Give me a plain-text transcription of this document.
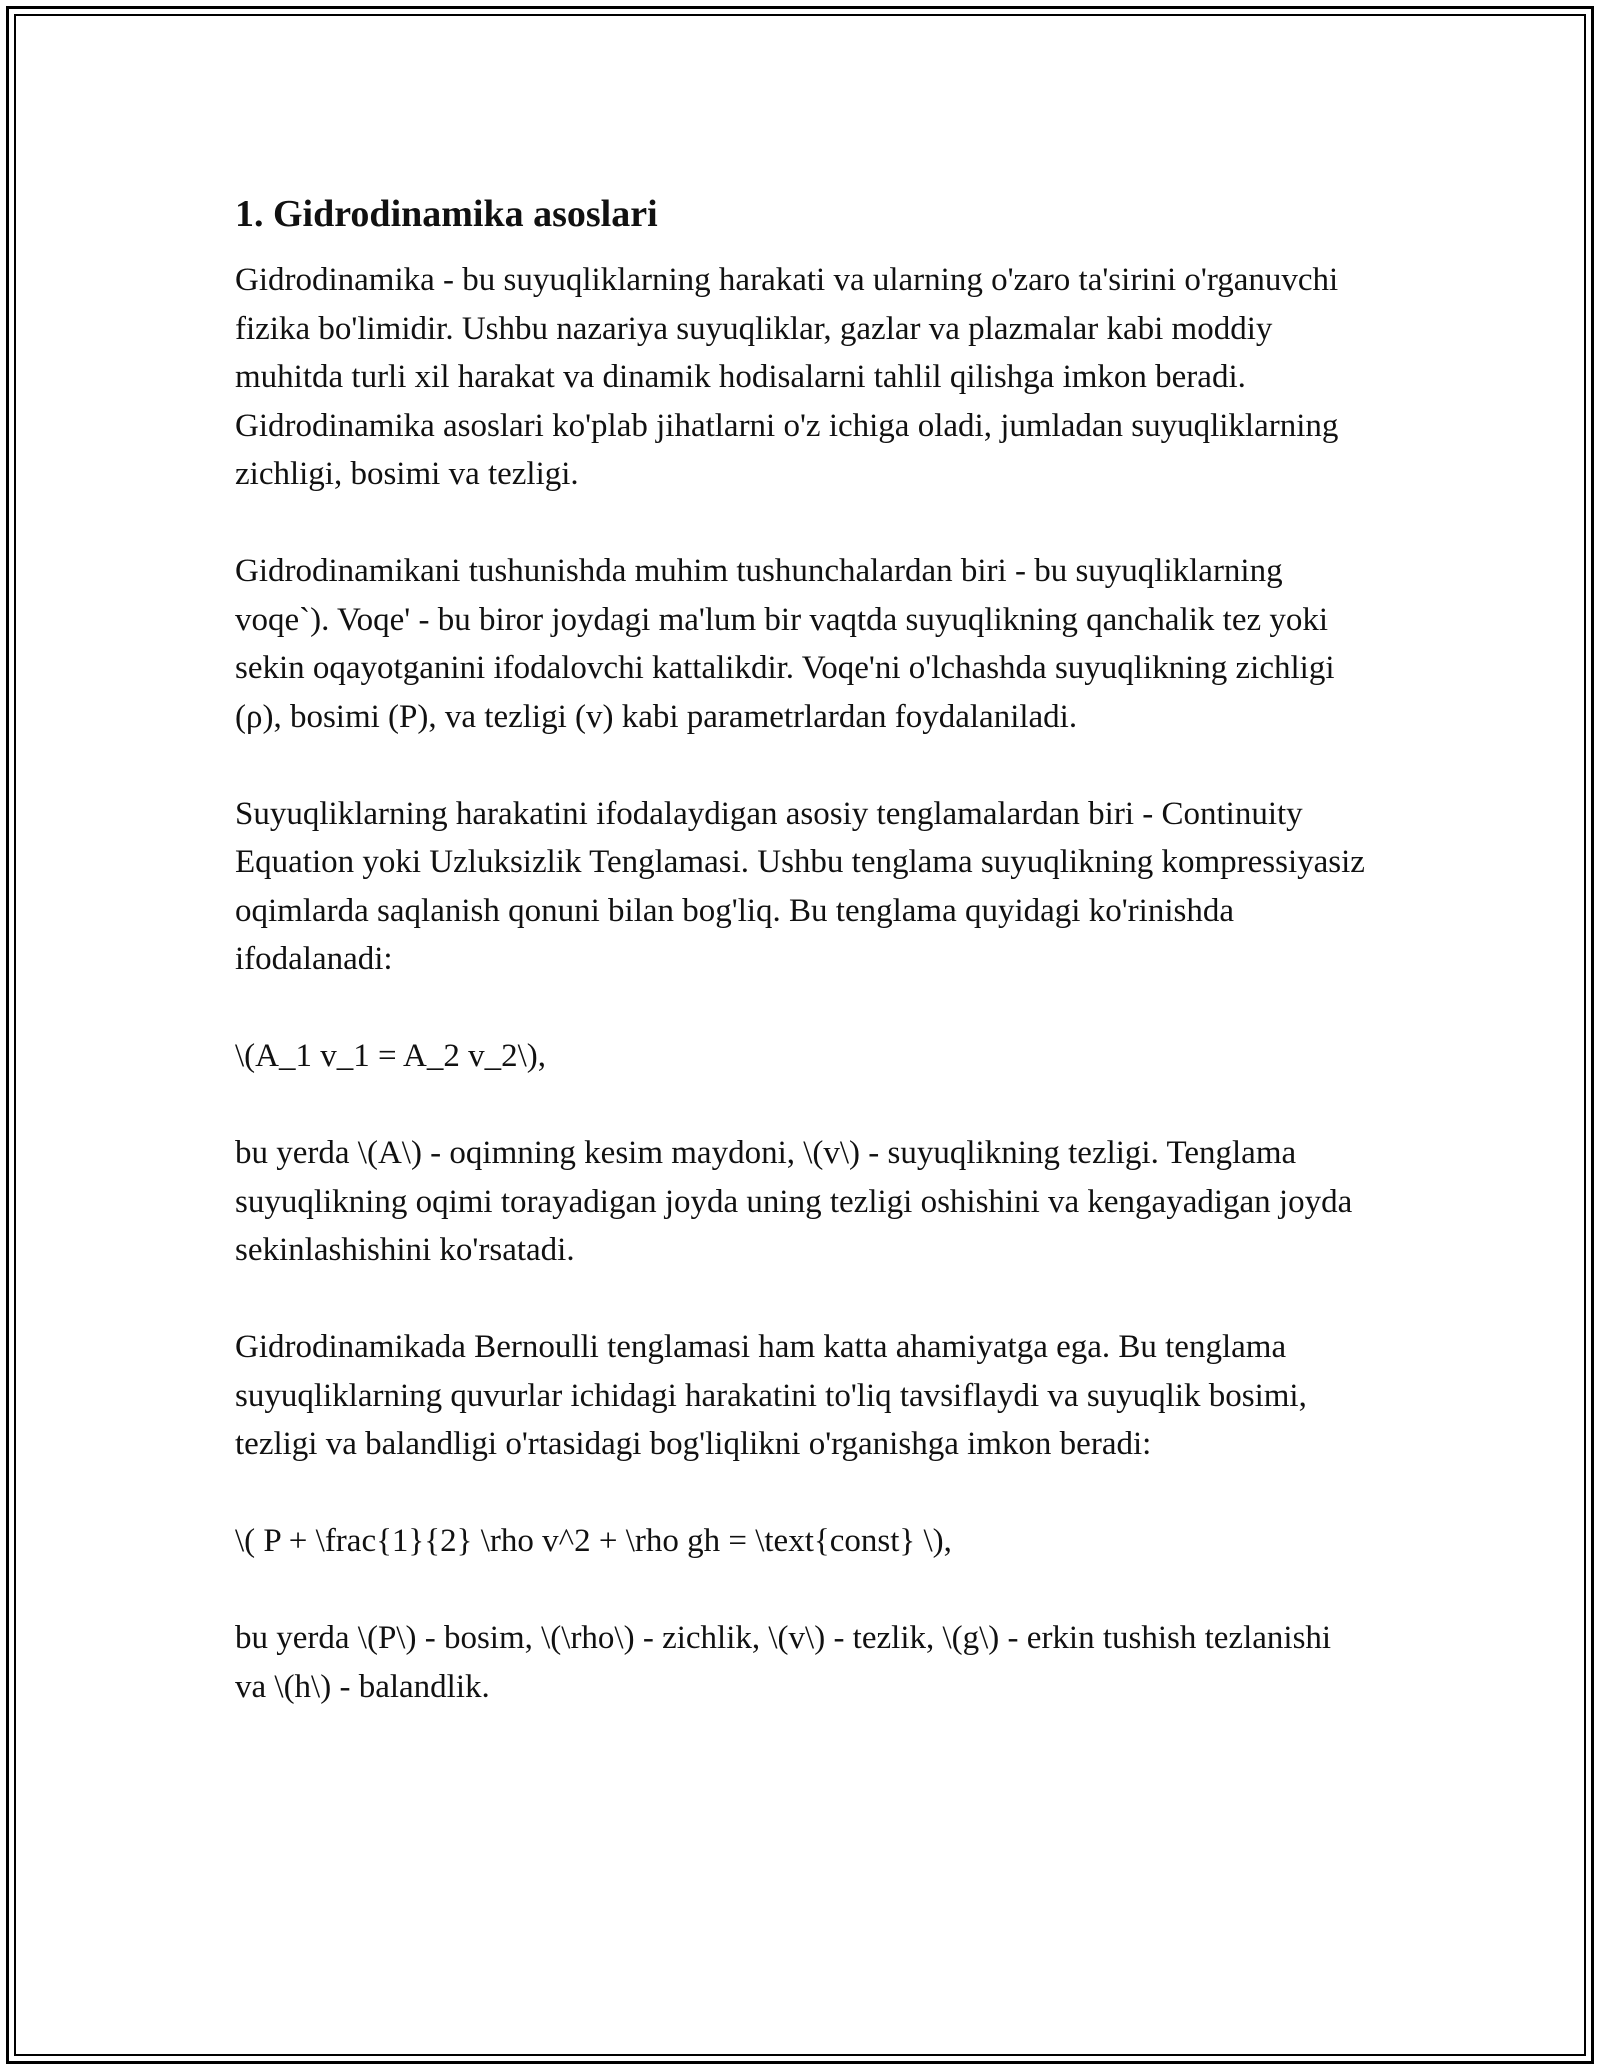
1. Gidrodinamika asoslari

Gidrodinamika - bu suyuqliklarning harakati va ularning o'zaro ta'sirini o'rganuvchi fizika bo'limidir. Ushbu nazariya suyuqliklar, gazlar va plazmalar kabi moddiy muhitda turli xil harakat va dinamik hodisalarni tahlil qilishga imkon beradi. Gidrodinamika asoslari ko'plab jihatlarni o'z ichiga oladi, jumladan suyuqliklarning zichligi, bosimi va tezligi.

Gidrodinamikani tushunishda muhim tushunchalardan biri - bu suyuqliklarning voqe`). Voqe' - bu biror joydagi ma'lum bir vaqtda suyuqlikning qanchalik tez yoki sekin oqayotganini ifodalovchi kattalikdir. Voqe'ni o'lchashda suyuqlikning zichligi (ρ), bosimi (P), va tezligi (v) kabi parametrlardan foydalaniladi.

Suyuqliklarning harakatini ifodalaydigan asosiy tenglamalardan biri - Continuity Equation yoki Uzluksizlik Tenglamasi. Ushbu tenglama suyuqlikning kompressiyasiz oqimlarda saqlanish qonuni bilan bog'liq. Bu tenglama quyidagi ko'rinishda ifodalanadi:

\(A_1 v_1 = A_2 v_2\),

bu yerda \(A\) - oqimning kesim maydoni, \(v\) - suyuqlikning tezligi. Tenglama suyuqlikning oqimi torayadigan joyda uning tezligi oshishini va kengayadigan joyda sekinlashishini ko'rsatadi.

Gidrodinamikada Bernoulli tenglamasi ham katta ahamiyatga ega. Bu tenglama suyuqliklarning quvurlar ichidagi harakatini to'liq tavsiflaydi va suyuqlik bosimi, tezligi va balandligi o'rtasidagi bog'liqlikni o'rganishga imkon beradi:

\( P + \frac{1}{2} \rho v^2 + \rho gh = \text{const} \),

bu yerda \(P\) - bosim, \(\rho\) - zichlik, \(v\) - tezlik, \(g\) - erkin tushish tezlanishi va \(h\) - balandlik.
